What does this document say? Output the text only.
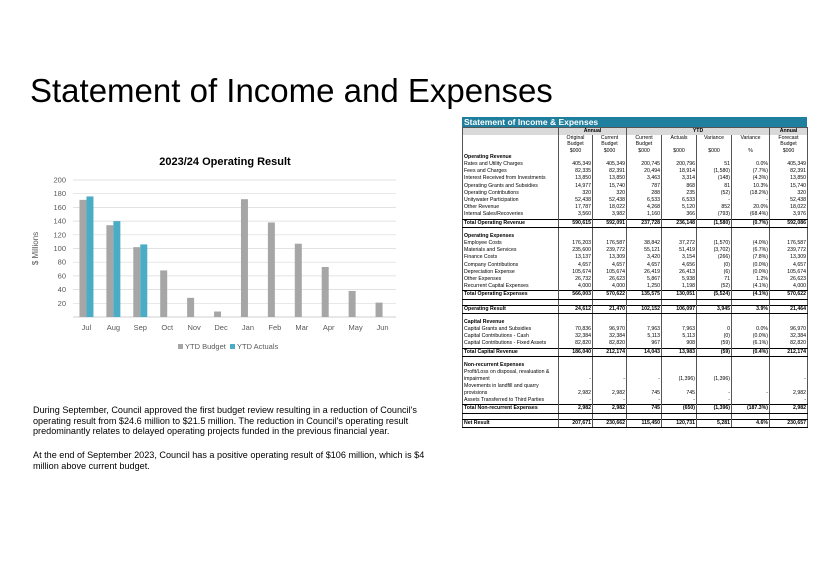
Statement of Income and Expenses
2023/24 Operating Result
20
40
60
80
100
120
140
160
180
200
$ Millions
Jul Aug Sep Oct Nov Dec Jan Feb Mar Apr May Jun
YTD Budget YTD Actuals

During September, Council approved the first budget review resulting in a reduction of Council's operating result from $24.6 million to $21.5 million. The reduction in Council's operating result predominantly relates to delayed operating projects funded in the previous financial year.

At the end of September 2023, Council has a positive operating result of $106 million, which is $4 million above current budget.

Statement of Income & Expenses
	Annual		YTD				Annual
	Original	Current	Current	Actuals	Variance	Variance	Forecast
	Budget	Budget	Budget				Budget
	$000	$000	$000	$000	$000	%	$000
Operating Revenue							
Rates and Utility Charges	405,349	405,349	200,745	200,796	51	0.0%	405,349
Fees and Charges	82,335	82,391	20,494	18,914	(1,580)	(7.7%)	82,391
Interest Received from Investments	13,850	13,850	3,463	3,314	(148)	(4.3%)	13,850
Operating Grants and Subsidies	14,977	15,740	787	868	81	10.3%	15,740
Operating Contributions	320	320	288	235	(52)	(18.2%)	320
Unitywater Participation	52,438	52,438	6,533	6,533	-	-	52,438
Other Revenue	17,787	18,022	4,268	5,120	852	20.0%	18,022
Internal Sales/Recoveries	3,560	3,982	1,160	366	(793)	(68.4%)	3,976
Total Operating Revenue	590,615	592,091	237,728	236,148	(1,580)	(0.7%)	592,086

Operating Expenses							
Employee Costs	176,203	176,587	38,842	37,272	(1,570)	(4.0%)	176,587
Materials and Services	235,600	239,772	55,121	51,419	(3,702)	(6.7%)	239,772
Finance Costs	13,137	13,309	3,420	3,154	(266)	(7.8%)	13,309
Company Contributions	4,657	4,657	4,657	4,656	(0)	(0.0%)	4,657
Depreciation Expense	105,674	105,674	26,419	26,413	(6)	(0.0%)	105,674
Other Expenses	26,732	26,623	5,867	5,938	71	1.2%	26,623
Recurrent Capital Expenses	4,000	4,000	1,250	1,198	(52)	(4.1%)	4,000
Total Operating Expenses	566,003	570,622	135,575	130,051	(5,524)	(4.1%)	570,622

Operating Result	24,612	21,470	102,152	106,097	3,945	3.9%	21,464

Capital Revenue							
Capital Grants and Subsidies	70,836	96,970	7,963	7,963	0	0.0%	96,970
Capital Contributions - Cash	32,384	32,384	5,113	5,113	(0)	(0.0%)	32,384
Capital Contributions - Fixed Assets	82,820	82,820	967	908	(59)	(6.1%)	82,820
Total Capital Revenue	186,040	212,174	14,043	13,983	(59)	(0.4%)	212,174

Non-recurrent Expenses							
Profit/Loss on disposal, revaluation & impairment	-	-	-	(1,396)	(1,396)		-
Movements in landfill and quarry provisions	2,982	2,982	745	745	-	-	2,982
Assets Transferred to Third Parties	-	-	-	-	-		-
Total Non-recurrent Expenses	2,982	2,982	745	(650)	(1,396)	(187.3%)	2,982

Net Result	207,671	230,662	115,450	120,731	5,281	4.6%	230,657
